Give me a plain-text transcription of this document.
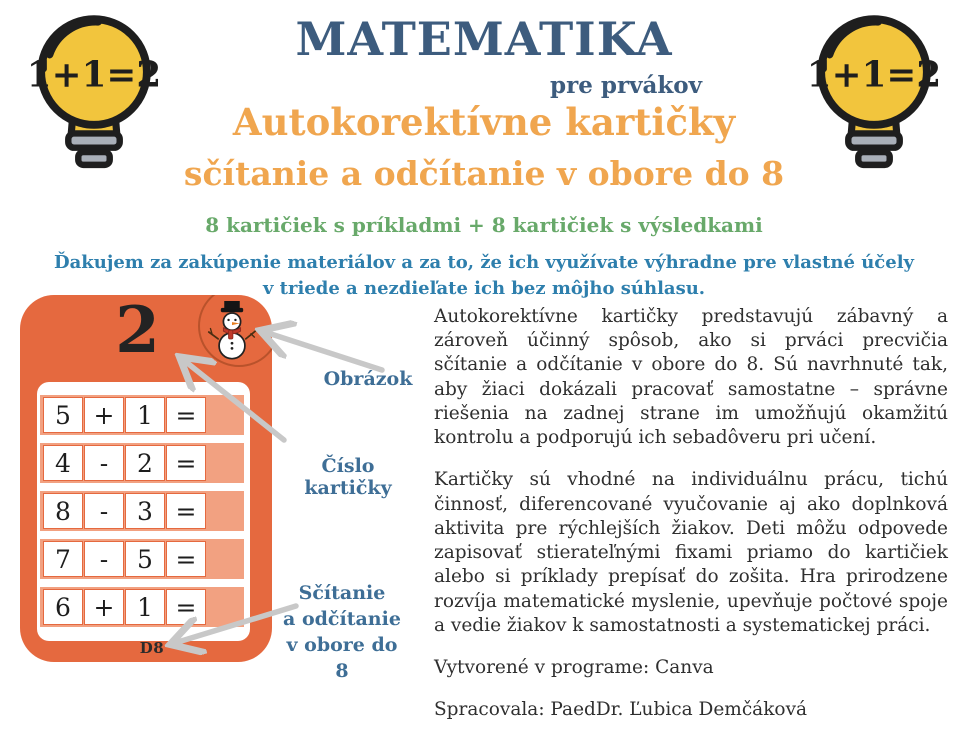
1+1=2	1+1=2
MATEMATIKA
pre prvákov
Autokorektívne kartičky
sčítanie a odčítanie v obore do 8
8 kartičiek s príkladmi + 8 kartičiek s výsledkami
Ďakujem za zakúpenie materiálov a za to, že ich využívate výhradne pre vlastné účely
v triede a nezdieľate ich bez môjho súhlasu.
2
5 + 1 =
4	-	2 =
8	-	3 =
7	-	5 =
6 + 1 =
D8
Obrázok
Číslo kartičky
Sčítanie
a odčítanie
v obore do 8

Autokorektívne kartičky predstavujú zábavný a zároveň účinný spôsob, ako si prváci precvičia sčítanie a odčítanie v obore do 8. Sú navrhnuté tak, aby žiaci dokázali pracovať samostatne – správne riešenia na zadnej strane im umožňujú okamžitú kontrolu a podporujú ich sebadôveru pri učení.

Kartičky sú vhodné na individuálnu prácu, tichú činnosť, diferencované vyučovanie aj ako doplnková aktivita pre rýchlejších žiakov. Deti môžu odpovede zapisovať stierateľnými fixami priamo do kartičiek alebo si príklady prepísať do zošita. Hra prirodzene rozvíja matematické myslenie, upevňuje počtové spoje a vedie žiakov k samostatnosti a systematickej práci.

Vytvorené v programe: Canva

Spracovala: PaedDr. Ľubica Demčáková
